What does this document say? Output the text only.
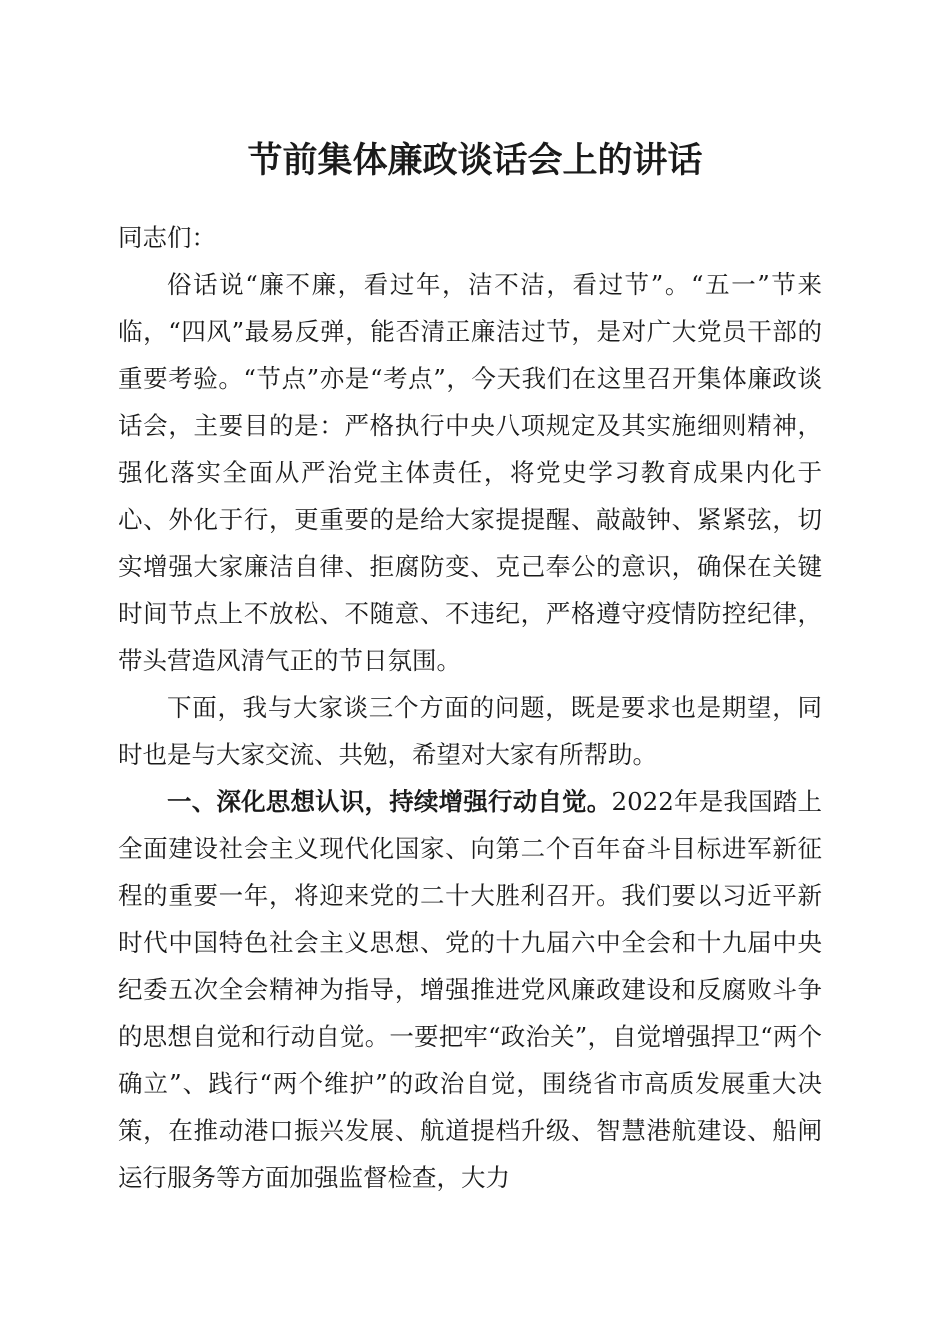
节前集体廉政谈话会上的讲话

同志们：

俗话说“廉不廉，看过年，洁不洁，看过节”。“五一”节来临，“四风”最易反弹，能否清正廉洁过节，是对广大党员干部的重要考验。“节点”亦是“考点”，今天我们在这里召开集体廉政谈话会，主要目的是：严格执行中央八项规定及其实施细则精神，强化落实全面从严治党主体责任，将党史学习教育成果内化于心、外化于行，更重要的是给大家提提醒、敲敲钟、紧紧弦，切实增强大家廉洁自律、拒腐防变、克己奉公的意识，确保在关键时间节点上不放松、不随意、不违纪，严格遵守疫情防控纪律，带头营造风清气正的节日氛围。

下面，我与大家谈三个方面的问题，既是要求也是期望，同时也是与大家交流、共勉，希望对大家有所帮助。

一、深化思想认识，持续增强行动自觉。2022年是我国踏上全面建设社会主义现代化国家、向第二个百年奋斗目标进军新征程的重要一年，将迎来党的二十大胜利召开。我们要以习近平新时代中国特色社会主义思想、党的十九届六中全会和十九届中央纪委五次全会精神为指导，增强推进党风廉政建设和反腐败斗争的思想自觉和行动自觉。一要把牢“政治关”，自觉增强捍卫“两个确立”、践行“两个维护”的政治自觉，围绕省市高质发展重大决策，在推动港口振兴发展、航道提档升级、智慧港航建设、船闸运行服务等方面加强监督检查，大力
